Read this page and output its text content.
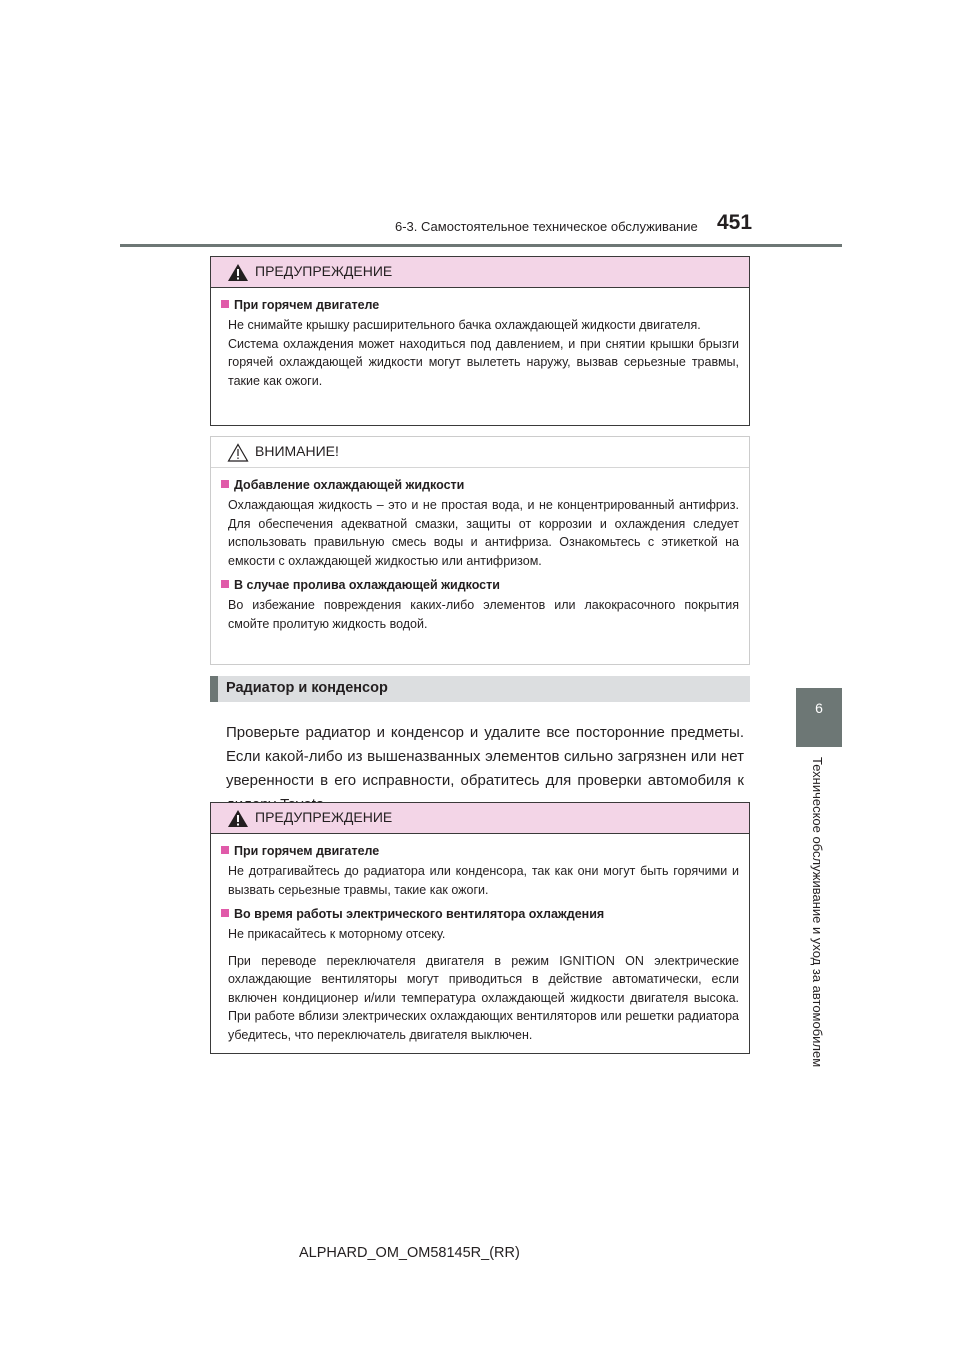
6-3. Самостоятельное техническое обслуживание 451
6
Техническое обслуживание и уход за автомобилем
ПРЕДУПРЕЖДЕНИЕ
При горячем двигателе

Не снимайте крышку расширительного бачка охлаждающей жидкости двигателя.

Система охлаждения может находиться под давлением, и при снятии крышки брызги горячей охлаждающей жидкости могут вылететь наружу, вызвав серьезные травмы, такие как ожоги.

ВНИМАНИЕ!
Добавление охлаждающей жидкости

Охлаждающая жидкость – это и не простая вода, и не концентрированный антифриз. Для обеспечения адекватной смазки, защиты от коррозии и охлаждения следует использовать правильную смесь воды и антифриза. Ознакомьтесь с этикеткой на емкости с охлаждающей жидкостью или антифризом.

В случае пролива охлаждающей жидкости

Во избежание повреждения каких-либо элементов или лакокрасочного покрытия смойте пролитую жидкость водой.

Радиатор и конденсор

Проверьте радиатор и конденсор и удалите все посторонние предметы. Если какой-либо из вышеназванных элементов сильно загрязнен или нет уверенности в его исправности, обратитесь для проверки автомобиля к

ПРЕДУПРЕЖДЕНИЕ
При горячем двигателе

Не дотрагивайтесь до радиатора или конденсора, так как они могут быть горячими и вызвать серьезные травмы, такие как ожоги.

Во время работы электрического вентилятора охлаждения

Не прикасайтесь к моторному отсеку.

При переводе переключателя двигателя в режим IGNITION ON электрические охлаждающие вентиляторы могут приводиться в действие автоматически, если включен кондиционер и/или температура охлаждающей жидкости двигателя высока. При работе вблизи электрических охлаждающих вентиляторов или решетки радиатора убедитесь, что переключатель двигателя выключен.

ALPHARD_OM_OM58145R_(RR)
